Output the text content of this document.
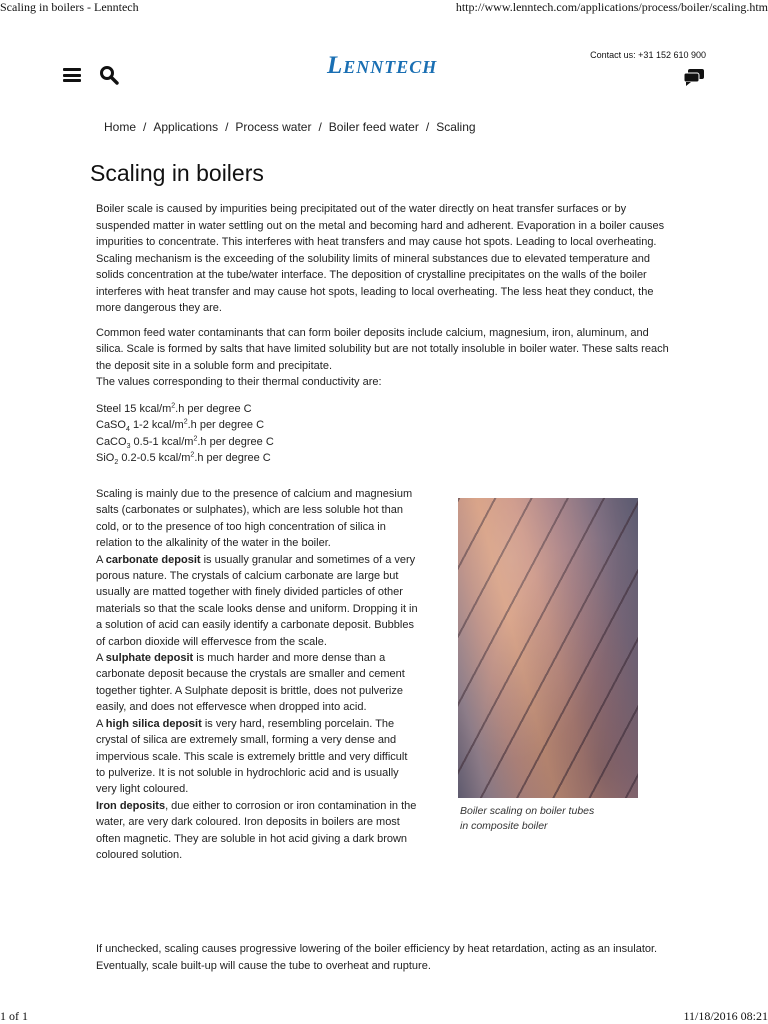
Scaling in boilers - Lenntech	http://www.lenntech.com/applications/process/boiler/scaling.htm
Lenntech	Contact us: +31 152 610 900
Home / Applications / Process water / Boiler feed water / Scaling
Scaling in boilers

Boiler scale is caused by impurities being precipitated out of the water directly on heat transfer surfaces or by suspended matter in water settling out on the metal and becoming hard and adherent. Evaporation in a boiler causes impurities to concentrate. This interferes with heat transfers and may cause hot spots. Leading to local overheating. Scaling mechanism is the exceeding of the solubility limits of mineral substances due to elevated temperature and solids concentration at the tube/water interface. The deposition of crystalline precipitates on the walls of the boiler interferes with heat transfer and may cause hot spots, leading to local overheating. The less heat they conduct, the more dangerous they are.

Common feed water contaminants that can form boiler deposits include calcium, magnesium, iron, aluminum, and silica. Scale is formed by salts that have limited solubility but are not totally insoluble in boiler water. These salts reach the deposit site in a soluble form and precipitate.
The values corresponding to their thermal conductivity are:

Steel 15 kcal/$m^2.h$ per degree C
CaSO$_4$ 1-2 kcal/$m^2.h$ per degree C
CaCO$_3$ 0.5-1 kcal/$m^2.h$ per degree C
SiO$_2$ 0.2-0.5 kcal/$m^2.h$ per degree C

Scaling is mainly due to the presence of calcium and magnesium salts (carbonates or sulphates), which are less soluble hot than cold, or to the presence of too high concentration of silica in relation to the alkalinity of the water in the boiler.

A carbonate deposit is usually granular and sometimes of a very porous nature. The crystals of calcium carbonate are large but usually are matted together with finely divided particles of other materials so that the scale looks dense and uniform. Dropping it in a solution of acid can easily identify a carbonate deposit. Bubbles of carbon dioxide will effervesce from the scale.

A sulphate deposit is much harder and more dense than a carbonate deposit because the crystals are smaller and cement together tighter. A Sulphate deposit is brittle, does not pulverize easily, and does not effervesce when dropped into acid.

A high silica deposit is very hard, resembling porcelain. The crystal of silica are extremely small, forming a very dense and impervious scale. This scale is extremely brittle and very difficult to pulverize. It is not soluble in hydrochloric acid and is usually very light coloured.

Iron deposits, due either to corrosion or iron contamination in the water, are very dark coloured. Iron deposits in boilers are most often magnetic. They are soluble in hot acid giving a dark brown coloured solution.

Boiler scaling on boiler tubes
in composite boiler

If unchecked, scaling causes progressive lowering of the boiler efficiency by heat retardation, acting as an insulator. Eventually, scale built-up will cause the tube to overheat and rupture.

1 of 1	11/18/2016 08:21
